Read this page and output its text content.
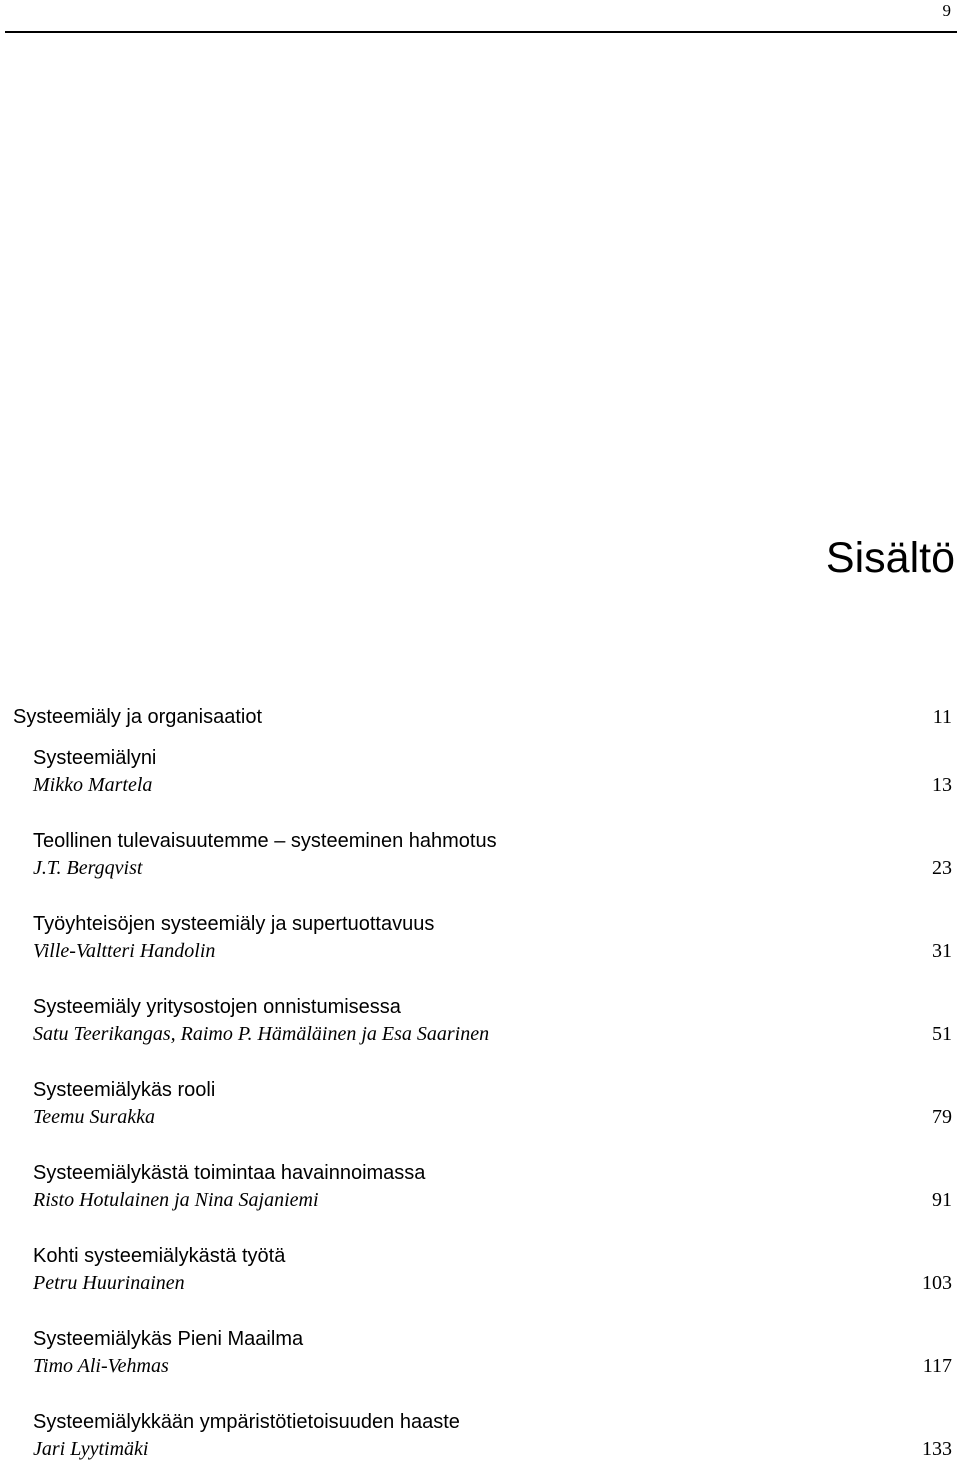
9
Sisältö
Systeemiäly ja organisaatiot	11
Systeemiälyni
Mikko Martela	13
Teollinen tulevaisuutemme – systeeminen hahmotus
J.T. Bergqvist	23
Työyhteisöjen systeemiäly ja supertuottavuus
Ville-Valtteri Handolin	31
Systeemiäly yritysostojen onnistumisessa
Satu Teerikangas, Raimo P. Hämäläinen ja Esa Saarinen	51
Systeemiälykäs rooli
Teemu Surakka	79
Systeemiälykästä toimintaa havainnoimassa
Risto Hotulainen ja Nina Sajaniemi	91
Kohti systeemiälykästä työtä
Petru Huurinainen	103
Systeemiälykäs Pieni Maailma
Timo Ali-Vehmas	117
Systeemiälykkään ympäristötietoisuuden haaste
Jari Lyytimäki	133
